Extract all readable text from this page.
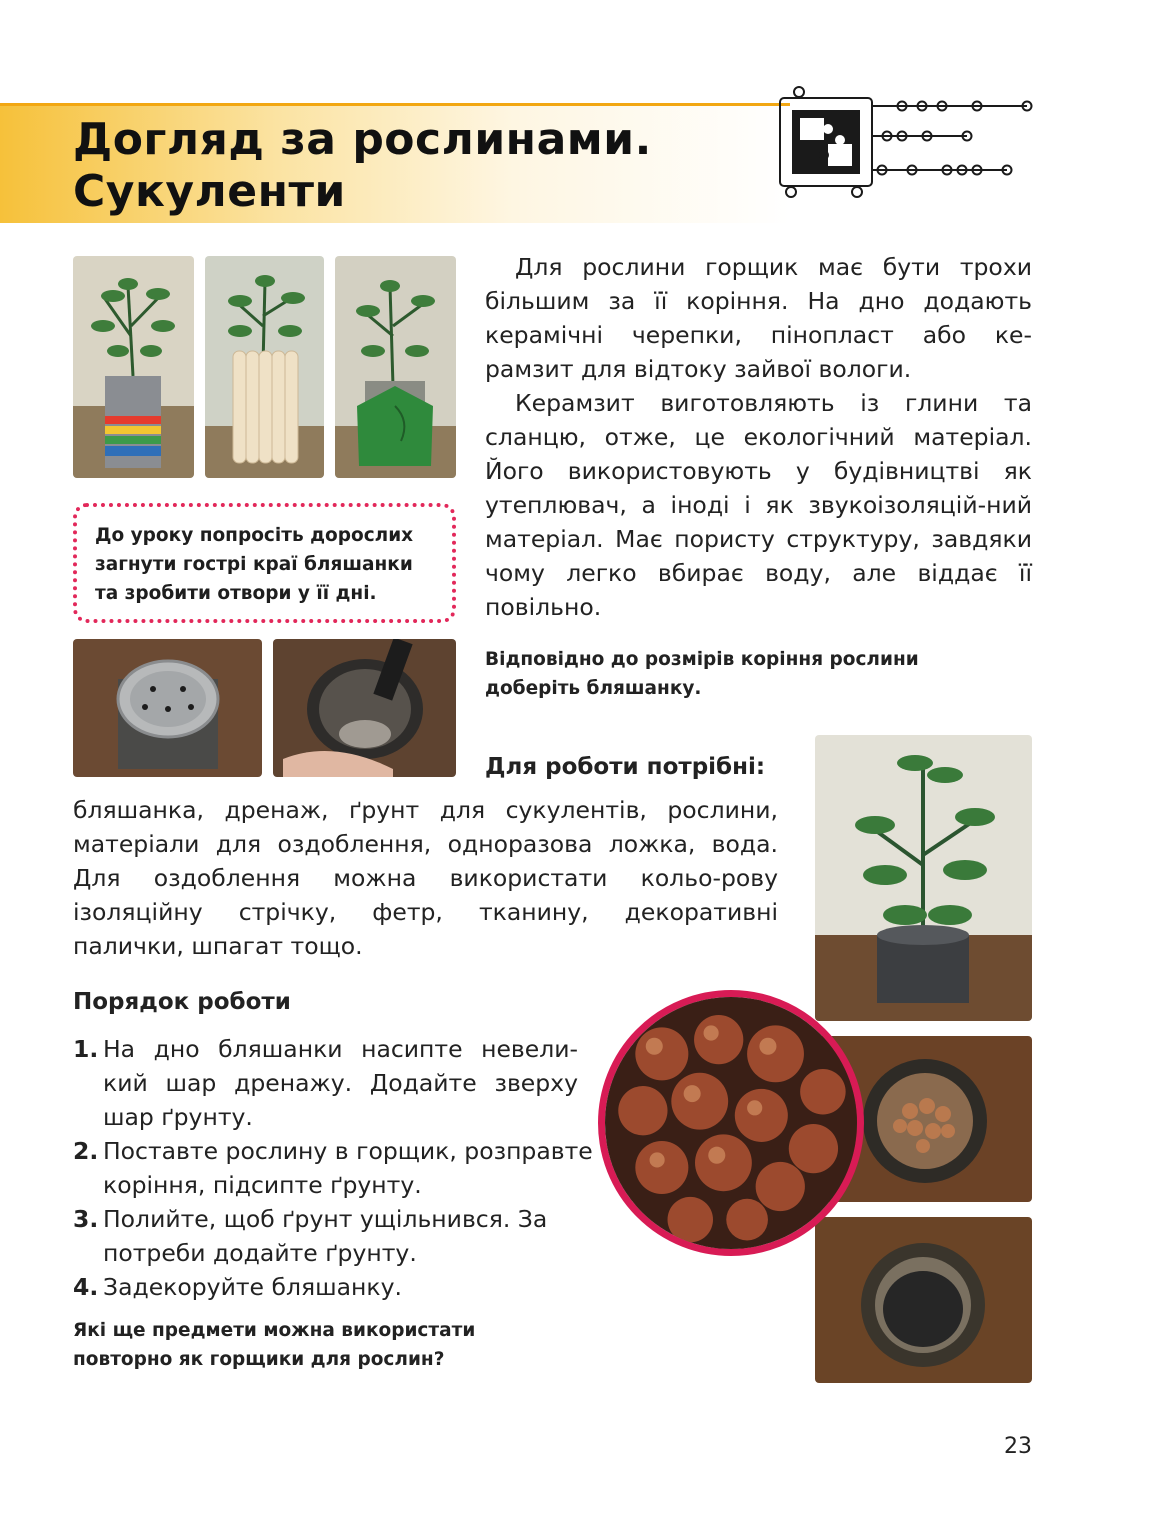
Догляд за рослинами.
Сукуленти
До уроку попросіть дорослих загнути гострі краї бляшанки та зробити отвори у її дні.

Для рослини горщик має бути трохи більшим за її коріння. На дно додають керамічні черепки, пінопласт або ке-рамзит для відтоку зайвої вологи.

Керамзит виготовляють із глини та сланцю, отже, це екологічний матеріал. Його використовують у будівництві як утеплювач, а іноді і як звукоізоляцій-ний матеріал. Має пористу структуру, завдяки чому легко вбирає воду, але віддає її повільно.

Відповідно до розмірів коріння рослини доберіть бляшанку.
Для роботи потрібні:

бляшанка, дренаж, ґрунт для сукулентів, рослини, матеріали для оздоблення, одноразова ложка, вода. Для оздоблення можна використати кольо-рову ізоляційну стрічку, фетр, тканину, декоративні палички, шпагат тощо.

Порядок роботи
1. На дно бляшанки насипте невели-кий шар дренажу. Додайте зверху шар ґрунту.
2. Поставте рослину в горщик, розправте коріння, підсипте ґрунту.
3. Полийте, щоб ґрунт ущільнився. За потреби додайте ґрунту.
4. Задекоруйте бляшанку.
Які ще предмети можна використати повторно як горщики для рослин?
23
